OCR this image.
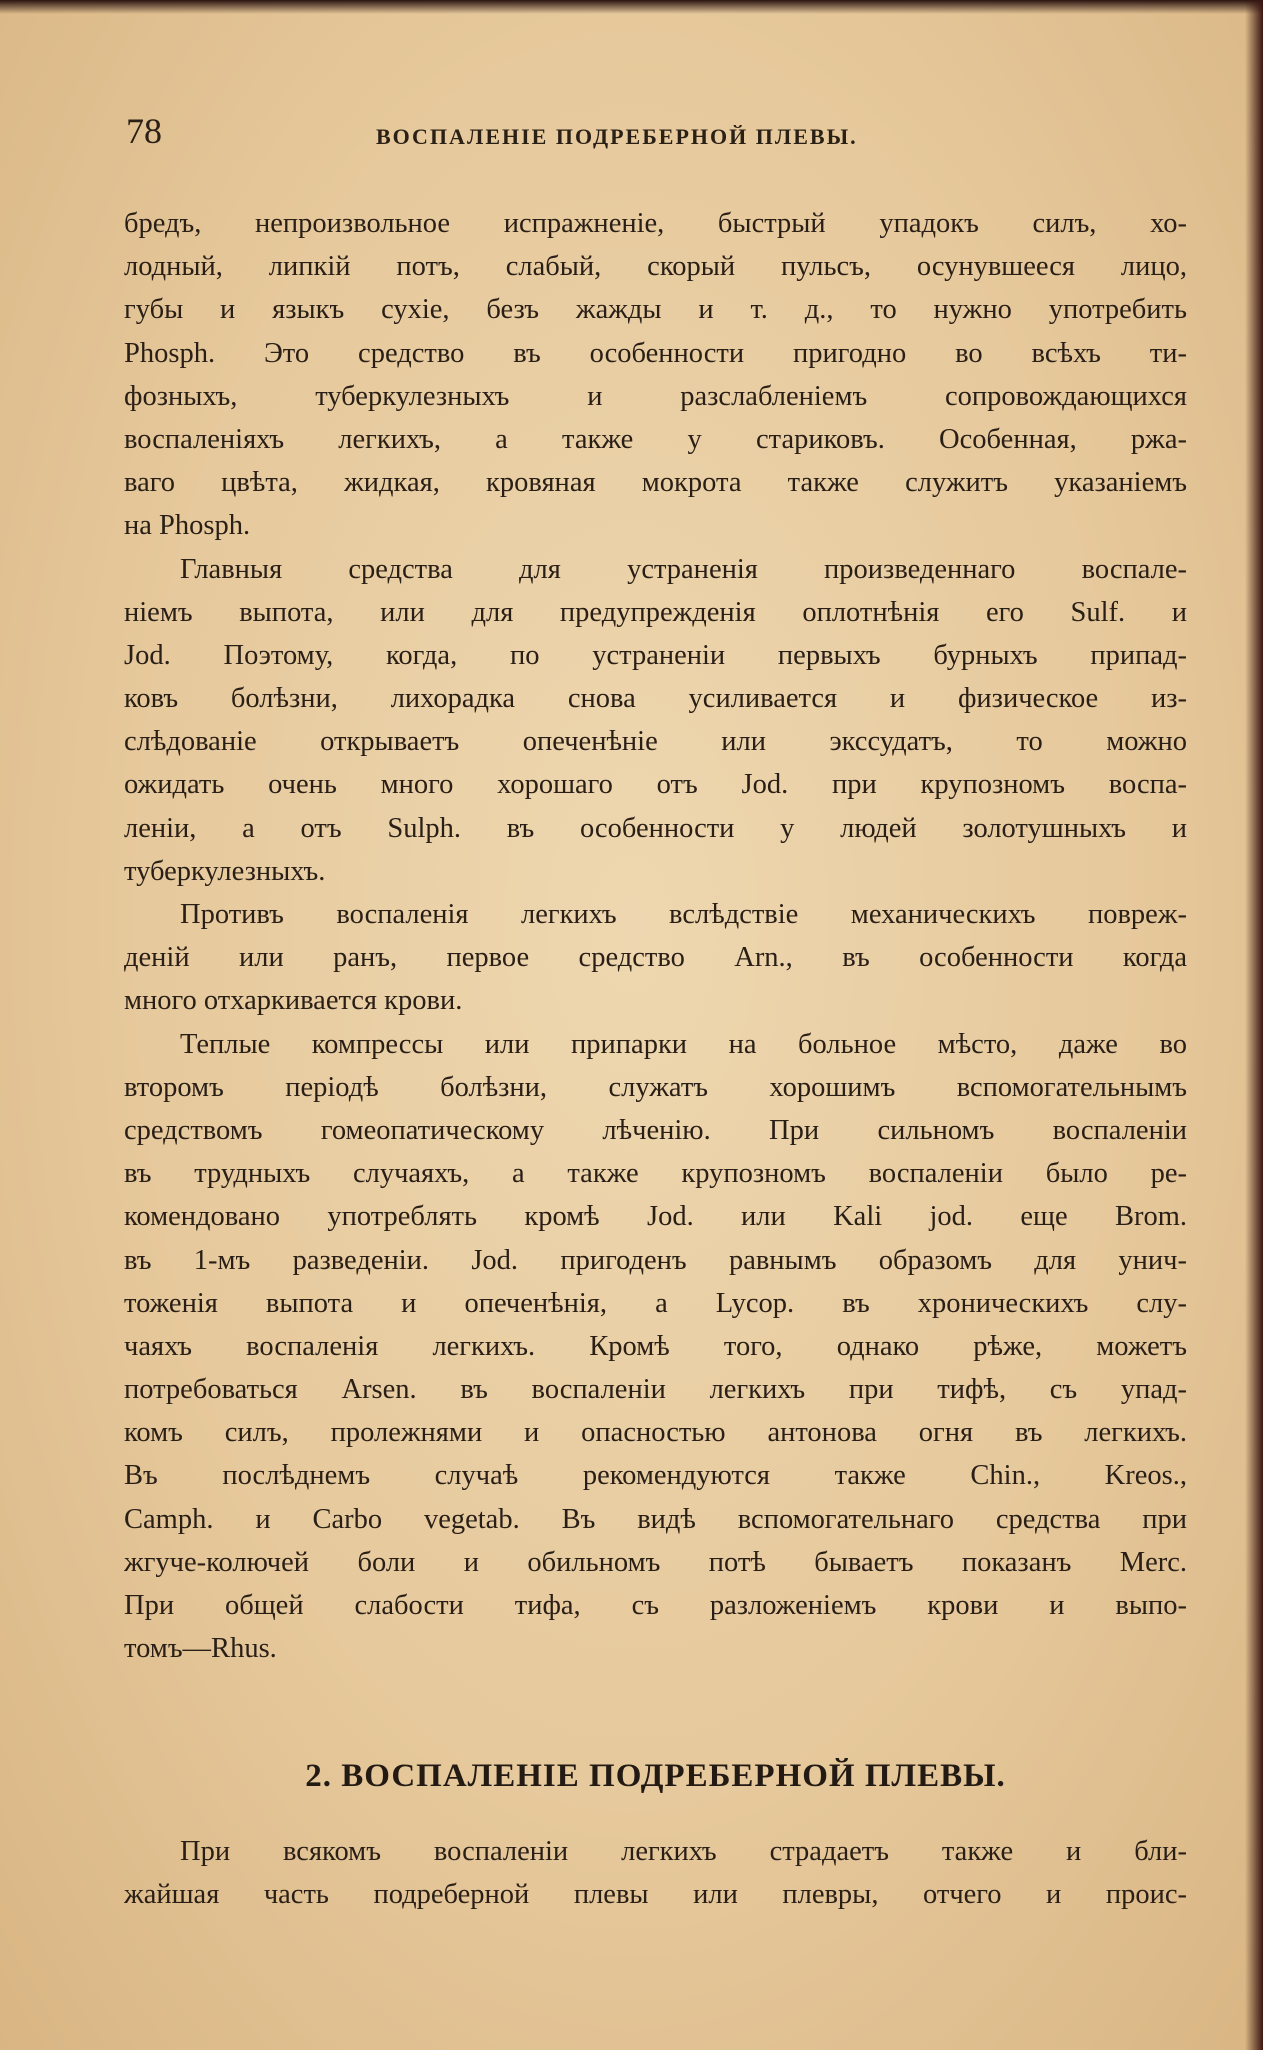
78	ВОСПАЛЕНІЕ ПОДРЕБЕРНОЙ ПЛЕВЫ.
бредъ, непроизвольное испражненіе, быстрый упадокъ силъ, хо-
лодный, липкій потъ, слабый, скорый пульсъ, осунувшееся лицо,
губы и языкъ сухіе, безъ жажды и т. д., то нужно употребить
Phosph. Это средство въ особенности пригодно во всѣхъ ти-
фозныхъ, туберкулезныхъ и разслабленіемъ сопровождающихся
воспаленіяхъ легкихъ, а также у стариковъ. Особенная, ржа-
ваго цвѣта, жидкая, кровяная мокрота также служитъ указаніемъ
на Phosph.
Главныя средства для устраненія произведеннаго воспале-
ніемъ выпота, или для предупрежденія оплотнѣнія его Sulf. и
Jod. Поэтому, когда, по устраненіи первыхъ бурныхъ припад-
ковъ болѣзни, лихорадка снова усиливается и физическое из-
слѣдованіе открываетъ опеченѣніе или экссудатъ, то можно
ожидать очень много хорошаго отъ Jod. при крупозномъ воспа-
леніи, а отъ Sulph. въ особенности у людей золотушныхъ и
туберкулезныхъ.
Противъ воспаленія легкихъ вслѣдствіе механическихъ повреж-
деній или ранъ, первое средство Arn., въ особенности когда
много отхаркивается крови.
Теплые компрессы или припарки на больное мѣсто, даже во
второмъ періодѣ болѣзни, служатъ хорошимъ вспомогательнымъ
средствомъ гомеопатическому лѣченію. При сильномъ воспаленіи
въ трудныхъ случаяхъ, а также крупозномъ воспаленіи было ре-
комендовано употреблять кромѣ Jod. или Kali jod. еще Brom.
въ 1-мъ разведеніи. Jod. пригоденъ равнымъ образомъ для унич-
тоженія выпота и опеченѣнія, а Lycop. въ хроническихъ слу-
чаяхъ воспаленія легкихъ. Кромѣ того, однако рѣже, можетъ
потребоваться Arsen. въ воспаленіи легкихъ при тифѣ, съ упад-
комъ силъ, пролежнями и опасностью антонова огня въ легкихъ.
Въ послѣднемъ случаѣ рекомендуются также Chin., Kreos.,
Camph. и Carbo vegetab. Въ видѣ вспомогательнаго средства при
жгуче-колючей боли и обильномъ потѣ бываетъ показанъ Merc.
При общей слабости тифа, съ разложеніемъ крови и выпо-
томъ—Rhus.
2. ВОСПАЛЕНІЕ ПОДРЕБЕРНОЙ ПЛЕВЫ.
При всякомъ воспаленіи легкихъ страдаетъ также и бли-
жайшая часть подреберной плевы или плевры, отчего и проис-
